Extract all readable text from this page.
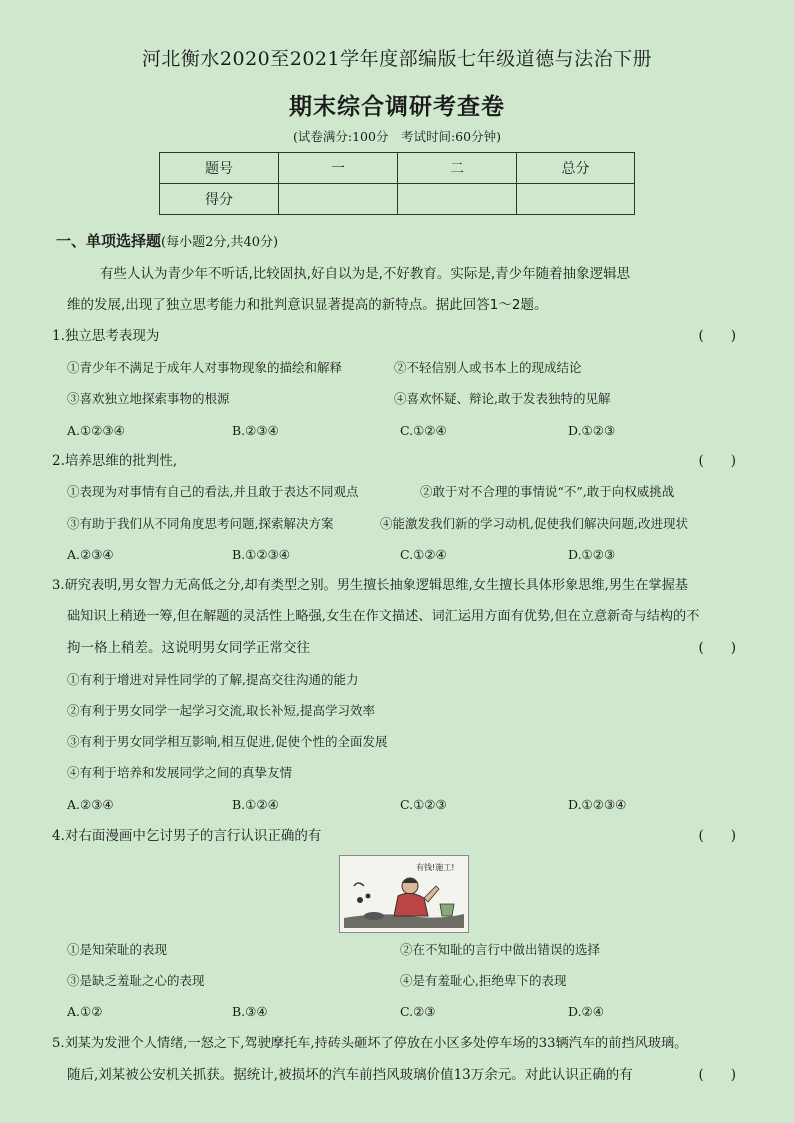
河北衡水2020至2021学年度部编版七年级道德与法治下册
期末综合调研考查卷
(试卷满分:100分　考试时间:60分钟)
题号	一	二	总分
得分			
一、单项选择题(每小题2分,共40分)
有些人认为青少年不听话,比较固执,好自以为是,不好教育。实际是,青少年随着抽象逻辑思
维的发展,出现了独立思考能力和批判意识显著提高的新特点。据此回答1～2题。
1.独立思考表现为	(　　)
①青少年不满足于成年人对事物现象的描绘和解释	②不轻信别人或书本上的现成结论
③喜欢独立地探索事物的根源	④喜欢怀疑、辩论,敢于发表独特的见解
A.①②③④	B.②③④	C.①②④	D.①②③
2.培养思维的批判性,	(　　)
①表现为对事情有自己的看法,并且敢于表达不同观点	②敢于对不合理的事情说“不”,敢于向权威挑战
③有助于我们从不同角度思考问题,探索解决方案	④能激发我们新的学习动机,促使我们解决问题,改进现状
A.②③④	B.①②③④	C.①②④	D.①②③
3.研究表明,男女智力无高低之分,却有类型之别。男生擅长抽象逻辑思维,女生擅长具体形象思维,男生在掌握基
础知识上稍逊一筹,但在解题的灵活性上略强,女生在作文描述、词汇运用方面有优势,但在立意新奇与结构的不
拘一格上稍差。这说明男女同学正常交往	(　　)
①有利于增进对异性同学的了解,提高交往沟通的能力
②有利于男女同学一起学习交流,取长补短,提高学习效率
③有利于男女同学相互影响,相互促进,促使个性的全面发展
④有利于培养和发展同学之间的真挚友情
A.②③④	B.①②④	C.①②③	D.①②③④
4.对右面漫画中乞讨男子的言行认识正确的有	(　　)
有钱!施工!
①是知荣耻的表现	②在不知耻的言行中做出错误的选择
③是缺乏羞耻之心的表现	④是有羞耻心,拒绝卑下的表现
A.①②	B.③④	C.②③	D.②④
5.刘某为发泄个人情绪,一怒之下,驾驶摩托车,持砖头砸坏了停放在小区多处停车场的33辆汽车的前挡风玻璃。
随后,刘某被公安机关抓获。据统计,被损坏的汽车前挡风玻璃价值13万余元。对此认识正确的有	(　　)
